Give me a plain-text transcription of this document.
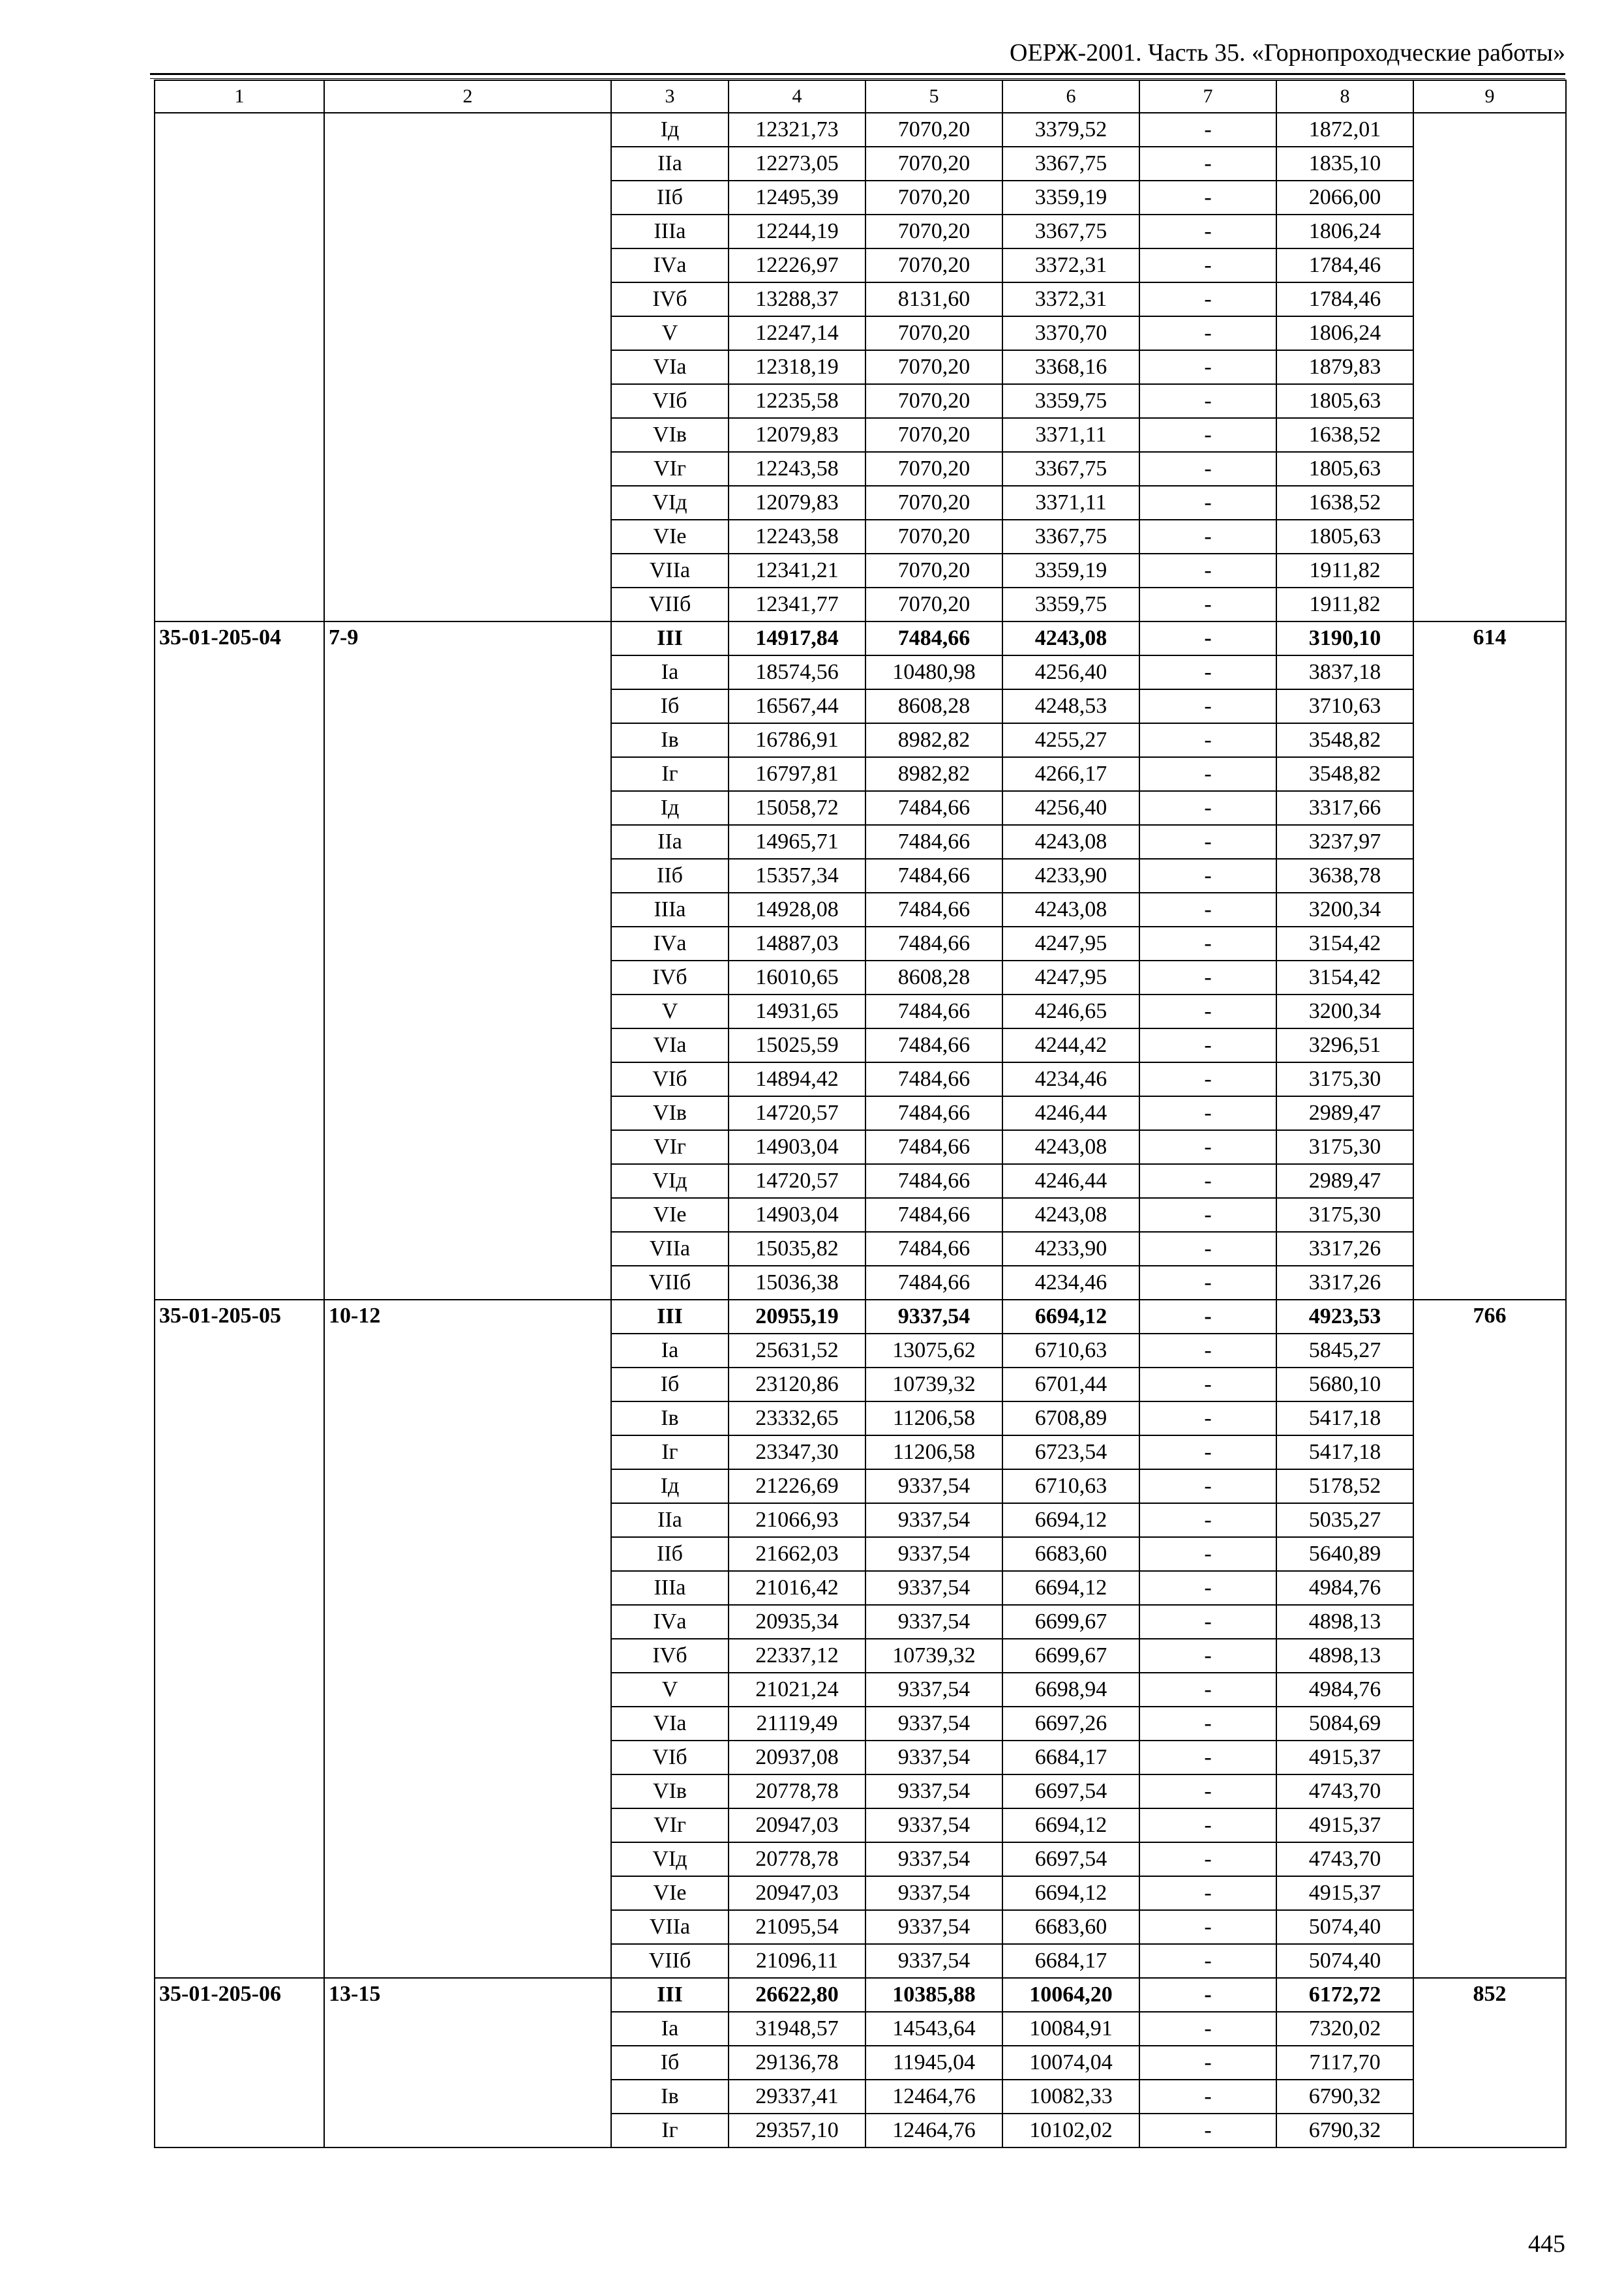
ОЕРЖ-2001. Часть 35. «Горнопроходческие работы»
1	2	3	4	5	6	7	8	9
		Iд	12321,73	7070,20	3379,52	-	1872,01	
		IIа	12273,05	7070,20	3367,75	-	1835,10	
		IIб	12495,39	7070,20	3359,19	-	2066,00	
		IIIа	12244,19	7070,20	3367,75	-	1806,24	
		IVа	12226,97	7070,20	3372,31	-	1784,46	
		IVб	13288,37	8131,60	3372,31	-	1784,46	
		V	12247,14	7070,20	3370,70	-	1806,24	
		VIа	12318,19	7070,20	3368,16	-	1879,83	
		VIб	12235,58	7070,20	3359,75	-	1805,63	
		VIв	12079,83	7070,20	3371,11	-	1638,52	
		VIг	12243,58	7070,20	3367,75	-	1805,63	
		VIд	12079,83	7070,20	3371,11	-	1638,52	
		VIе	12243,58	7070,20	3367,75	-	1805,63	
		VIIа	12341,21	7070,20	3359,19	-	1911,82	
		VIIб	12341,77	7070,20	3359,75	-	1911,82	
35-01-205-04	7-9	III	14917,84	7484,66	4243,08	-	3190,10	614
		Iа	18574,56	10480,98	4256,40	-	3837,18	
		Iб	16567,44	8608,28	4248,53	-	3710,63	
		Iв	16786,91	8982,82	4255,27	-	3548,82	
		Iг	16797,81	8982,82	4266,17	-	3548,82	
		Iд	15058,72	7484,66	4256,40	-	3317,66	
		IIа	14965,71	7484,66	4243,08	-	3237,97	
		IIб	15357,34	7484,66	4233,90	-	3638,78	
		IIIа	14928,08	7484,66	4243,08	-	3200,34	
		IVа	14887,03	7484,66	4247,95	-	3154,42	
		IVб	16010,65	8608,28	4247,95	-	3154,42	
		V	14931,65	7484,66	4246,65	-	3200,34	
		VIа	15025,59	7484,66	4244,42	-	3296,51	
		VIб	14894,42	7484,66	4234,46	-	3175,30	
		VIв	14720,57	7484,66	4246,44	-	2989,47	
		VIг	14903,04	7484,66	4243,08	-	3175,30	
		VIд	14720,57	7484,66	4246,44	-	2989,47	
		VIе	14903,04	7484,66	4243,08	-	3175,30	
		VIIа	15035,82	7484,66	4233,90	-	3317,26	
		VIIб	15036,38	7484,66	4234,46	-	3317,26	
35-01-205-05	10-12	III	20955,19	9337,54	6694,12	-	4923,53	766
		Iа	25631,52	13075,62	6710,63	-	5845,27	
		Iб	23120,86	10739,32	6701,44	-	5680,10	
		Iв	23332,65	11206,58	6708,89	-	5417,18	
		Iг	23347,30	11206,58	6723,54	-	5417,18	
		Iд	21226,69	9337,54	6710,63	-	5178,52	
		IIа	21066,93	9337,54	6694,12	-	5035,27	
		IIб	21662,03	9337,54	6683,60	-	5640,89	
		IIIа	21016,42	9337,54	6694,12	-	4984,76	
		IVа	20935,34	9337,54	6699,67	-	4898,13	
		IVб	22337,12	10739,32	6699,67	-	4898,13	
		V	21021,24	9337,54	6698,94	-	4984,76	
		VIа	21119,49	9337,54	6697,26	-	5084,69	
		VIб	20937,08	9337,54	6684,17	-	4915,37	
		VIв	20778,78	9337,54	6697,54	-	4743,70	
		VIг	20947,03	9337,54	6694,12	-	4915,37	
		VIд	20778,78	9337,54	6697,54	-	4743,70	
		VIе	20947,03	9337,54	6694,12	-	4915,37	
		VIIа	21095,54	9337,54	6683,60	-	5074,40	
		VIIб	21096,11	9337,54	6684,17	-	5074,40	
35-01-205-06	13-15	III	26622,80	10385,88	10064,20	-	6172,72	852
		Iа	31948,57	14543,64	10084,91	-	7320,02	
		Iб	29136,78	11945,04	10074,04	-	7117,70	
		Iв	29337,41	12464,76	10082,33	-	6790,32	
		Iг	29357,10	12464,76	10102,02	-	6790,32	
445
